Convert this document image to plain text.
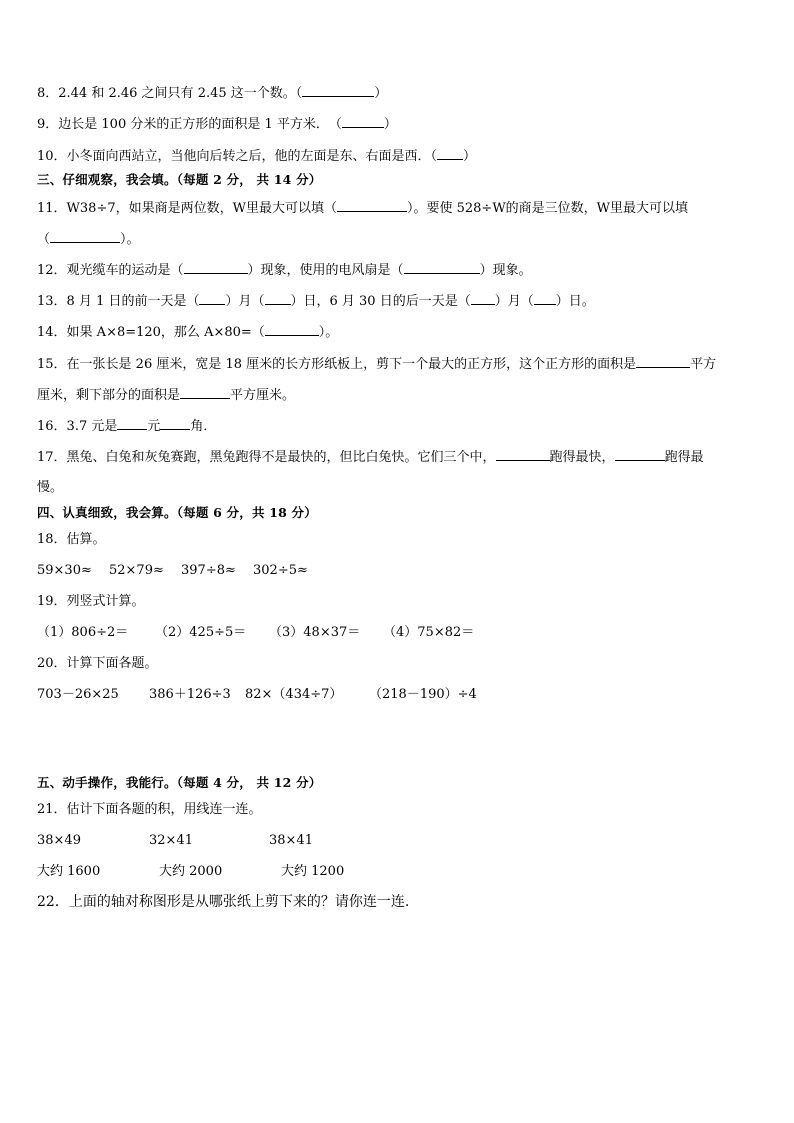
8．2.44 和 2.46 之间只有 2.45 这一个数。（	）
9．边长是 100 分米的正方形的面积是 1 平方米．　（	）
10．小冬面向西站立，当他向后转之后，他的左面是东、右面是西．（ ）
三、仔细观察，我会填。（每题 2 分， 共 14 分）
11．W38÷7，如果商是两位数，W里最大可以填（	）。要使 528÷W的商是三位数，W里最大可以填
（	）。
12．观光缆车的运动是（	）现象，使用的电风扇是（	）现象。
13．8 月 1 日的前一天是（ ）月（ ）日，6 月 30 日的后一天是（ ）月（ ）日。
14．如果 A×8=120，那么 A×80=（	）。
15．在一张长是 26 厘米，宽是 18 厘米的长方形纸板上，剪下一个最大的正方形，这个正方形的面积是	平方
厘米，剩下部分的面积是	平方厘米。
16．3.7 元是 元 角．
17．黑兔、白兔和灰兔赛跑，黑兔跑得不是最快的，但比白兔快。它们三个中，	跑得最快，	跑得最
慢。
四、认真细致，我会算。（每题 6 分，共 18 分）
18．估算。
59×30≈ 52×79≈ 397÷8≈ 302÷5≈
19．列竖式计算。
（1）806÷2＝ （2）425÷5＝ （3）48×37＝ （4）75×82＝
20．计算下面各题。
703－26×25 386＋126÷3 82×（434÷7） （218－190）÷4
五、动手操作，我能行。（每题 4 分， 共 12 分）
21．估计下面各题的积，用线连一连。
38×49	32×41	38×41
大约 1600	大约 2000	大约 1200
22．上面的轴对称图形是从哪张纸上剪下来的？请你连一连.
